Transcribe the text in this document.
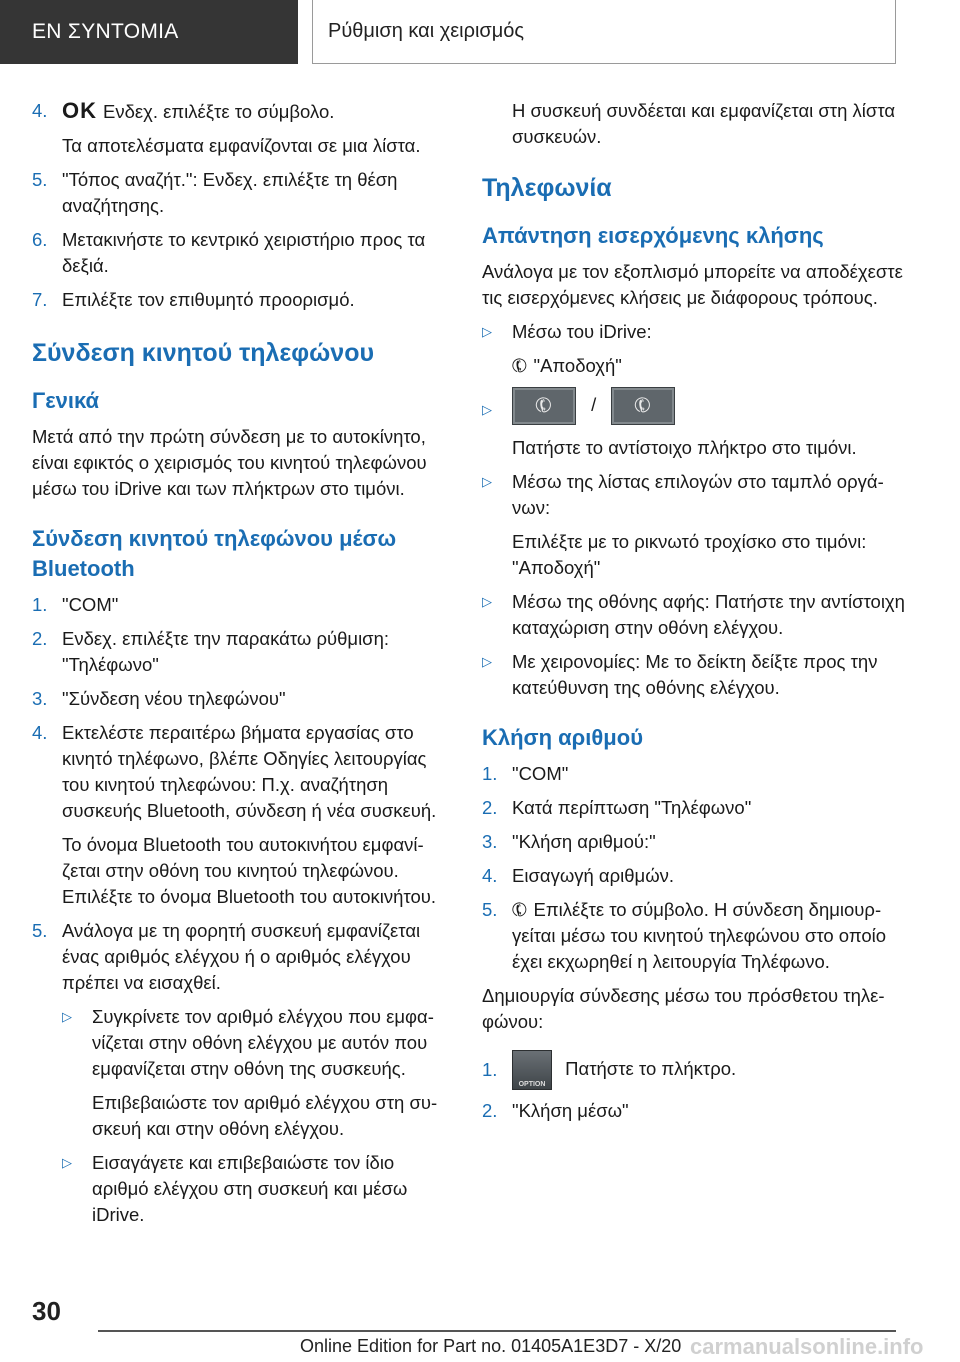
ΕΝ ΣΥΝΤΟΜΙΑ	Ρύθμιση και χειρισμός
4. OK Ενδεχ. επιλέξτε το σύμβολο.
Τα αποτελέσματα εμφανίζονται σε μια λίστα.
5. "Τόπος αναζήτ.": Ενδεχ. επιλέξτε τη θέση αναζήτησης.
6. Μετακινήστε το κεντρικό χειριστήριο προς τα δεξιά.
7. Επιλέξτε τον επιθυμητό προορισμό.
Σύνδεση κινητού τηλεφώνου
Γενικά
Μετά από την πρώτη σύνδεση με το αυτοκίνητο, είναι εφικτός ο χειρισμός του κινητού τηλεφώνου μέσω του iDrive και των πλήκτρων στο τιμόνι.
Σύνδεση κινητού τηλεφώνου μέσω Bluetooth
1. "COM"
2. Ενδεχ. επιλέξτε την παρακάτω ρύθμιση: "Τηλέφωνο"
3. "Σύνδεση νέου τηλεφώνου"
4. Εκτελέστε περαιτέρω βήματα εργασίας στο κινητό τηλέφωνο, βλέπε Οδηγίες λειτουργίας του κινητού τηλεφώνου: Π.χ. αναζήτηση συσκευής Bluetooth, σύνδεση ή νέα συσκευή.
Το όνομα Bluetooth του αυτοκινήτου εμφανίζεται στην οθόνη του κινητού τηλεφώνου. Επιλέξτε το όνομα Bluetooth του αυτοκινήτου.
5. Ανάλογα με τη φορητή συσκευή εμφανίζεται ένας αριθμός ελέγχου ή ο αριθμός ελέγχου πρέπει να εισαχθεί.
▷ Συγκρίνετε τον αριθμό ελέγχου που εμφανίζεται στην οθόνη ελέγχου με αυτόν που εμφανίζεται στην οθόνη της συσκευής.
Επιβεβαιώστε τον αριθμό ελέγχου στη συσκευή και στην οθόνη ελέγχου.
▷ Εισαγάγετε και επιβεβαιώστε τον ίδιο αριθμό ελέγχου στη συσκευή και μέσω iDrive.
Η συσκευή συνδέεται και εμφανίζεται στη λίστα συσκευών.
Τηλεφωνία
Απάντηση εισερχόμενης κλήσης
Ανάλογα με τον εξοπλισμό μπορείτε να αποδέχεστε τις εισερχόμενες κλήσεις με διάφορους τρόπους.
▷ Μέσω του iDrive:
✆ "Αποδοχή"
▷ ✆ / ✆
Πατήστε το αντίστοιχο πλήκτρο στο τιμόνι.
▷ Μέσω της λίστας επιλογών στο ταμπλό οργάνων:
Επιλέξτε με το ρικνωτό τροχίσκο στο τιμόνι: "Αποδοχή"
▷ Μέσω της οθόνης αφής: Πατήστε την αντίστοιχη καταχώριση στην οθόνη ελέγχου.
▷ Με χειρονομίες: Με το δείκτη δείξτε προς την κατεύθυνση της οθόνης ελέγχου.
Κλήση αριθμού
1. "COM"
2. Κατά περίπτωση "Τηλέφωνο"
3. "Κλήση αριθμού:"
4. Εισαγωγή αριθμών.
5. ✆ Επιλέξτε το σύμβολο. Η σύνδεση δημιουργείται μέσω του κινητού τηλεφώνου στο οποίο έχει εκχωρηθεί η λειτουργία Τηλέφωνο.
Δημιουργία σύνδεσης μέσω του πρόσθετου τηλεφώνου:
1.
OPTION
Πατήστε το πλήκτρο.
2. "Κλήση μέσω"
30
Online Edition for Part no. 01405A1E3D7 - X/20 carmanualsonline.info
